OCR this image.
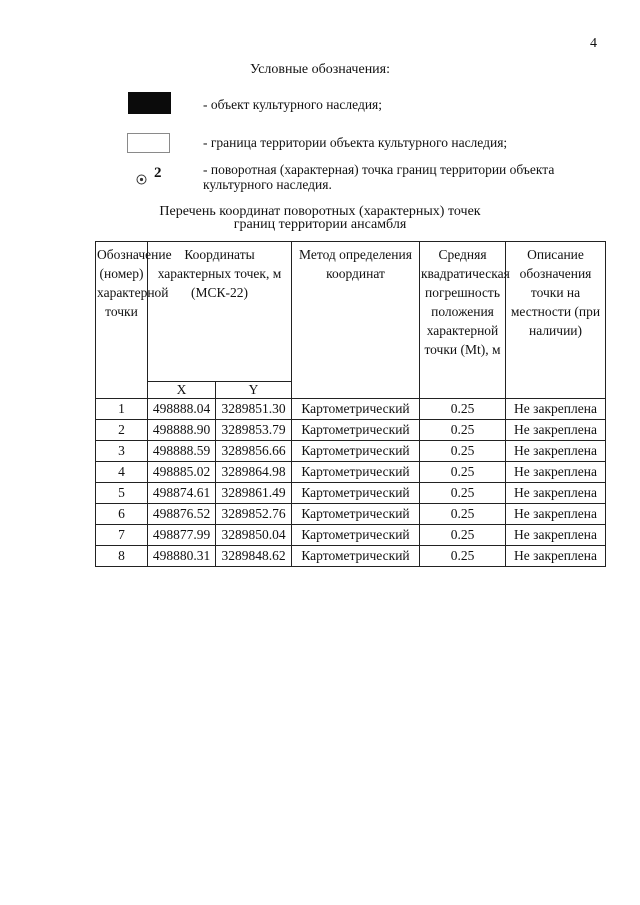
4
Условные обозначения:
- объект культурного наследия;
- граница территории объекта культурного наследия;
2	- поворотная (характерная) точка границ территории объекта культурного наследия.
Перечень координат поворотных (характерных) точек
границ территории ансамбля
Обозначение (номер) характерной точки	Координаты характерных точек, м (МСК-22)		Метод определения координат	Средняя квадратическая погрешность положения характерной точки (Mt), м	Описание обозначения точки на местности (при наличии)
	X	Y			
1	498888.04	3289851.30	Картометрический	0.25	Не закреплена
2	498888.90	3289853.79	Картометрический	0.25	Не закреплена
3	498888.59	3289856.66	Картометрический	0.25	Не закреплена
4	498885.02	3289864.98	Картометрический	0.25	Не закреплена
5	498874.61	3289861.49	Картометрический	0.25	Не закреплена
6	498876.52	3289852.76	Картометрический	0.25	Не закреплена
7	498877.99	3289850.04	Картометрический	0.25	Не закреплена
8	498880.31	3289848.62	Картометрический	0.25	Не закреплена
